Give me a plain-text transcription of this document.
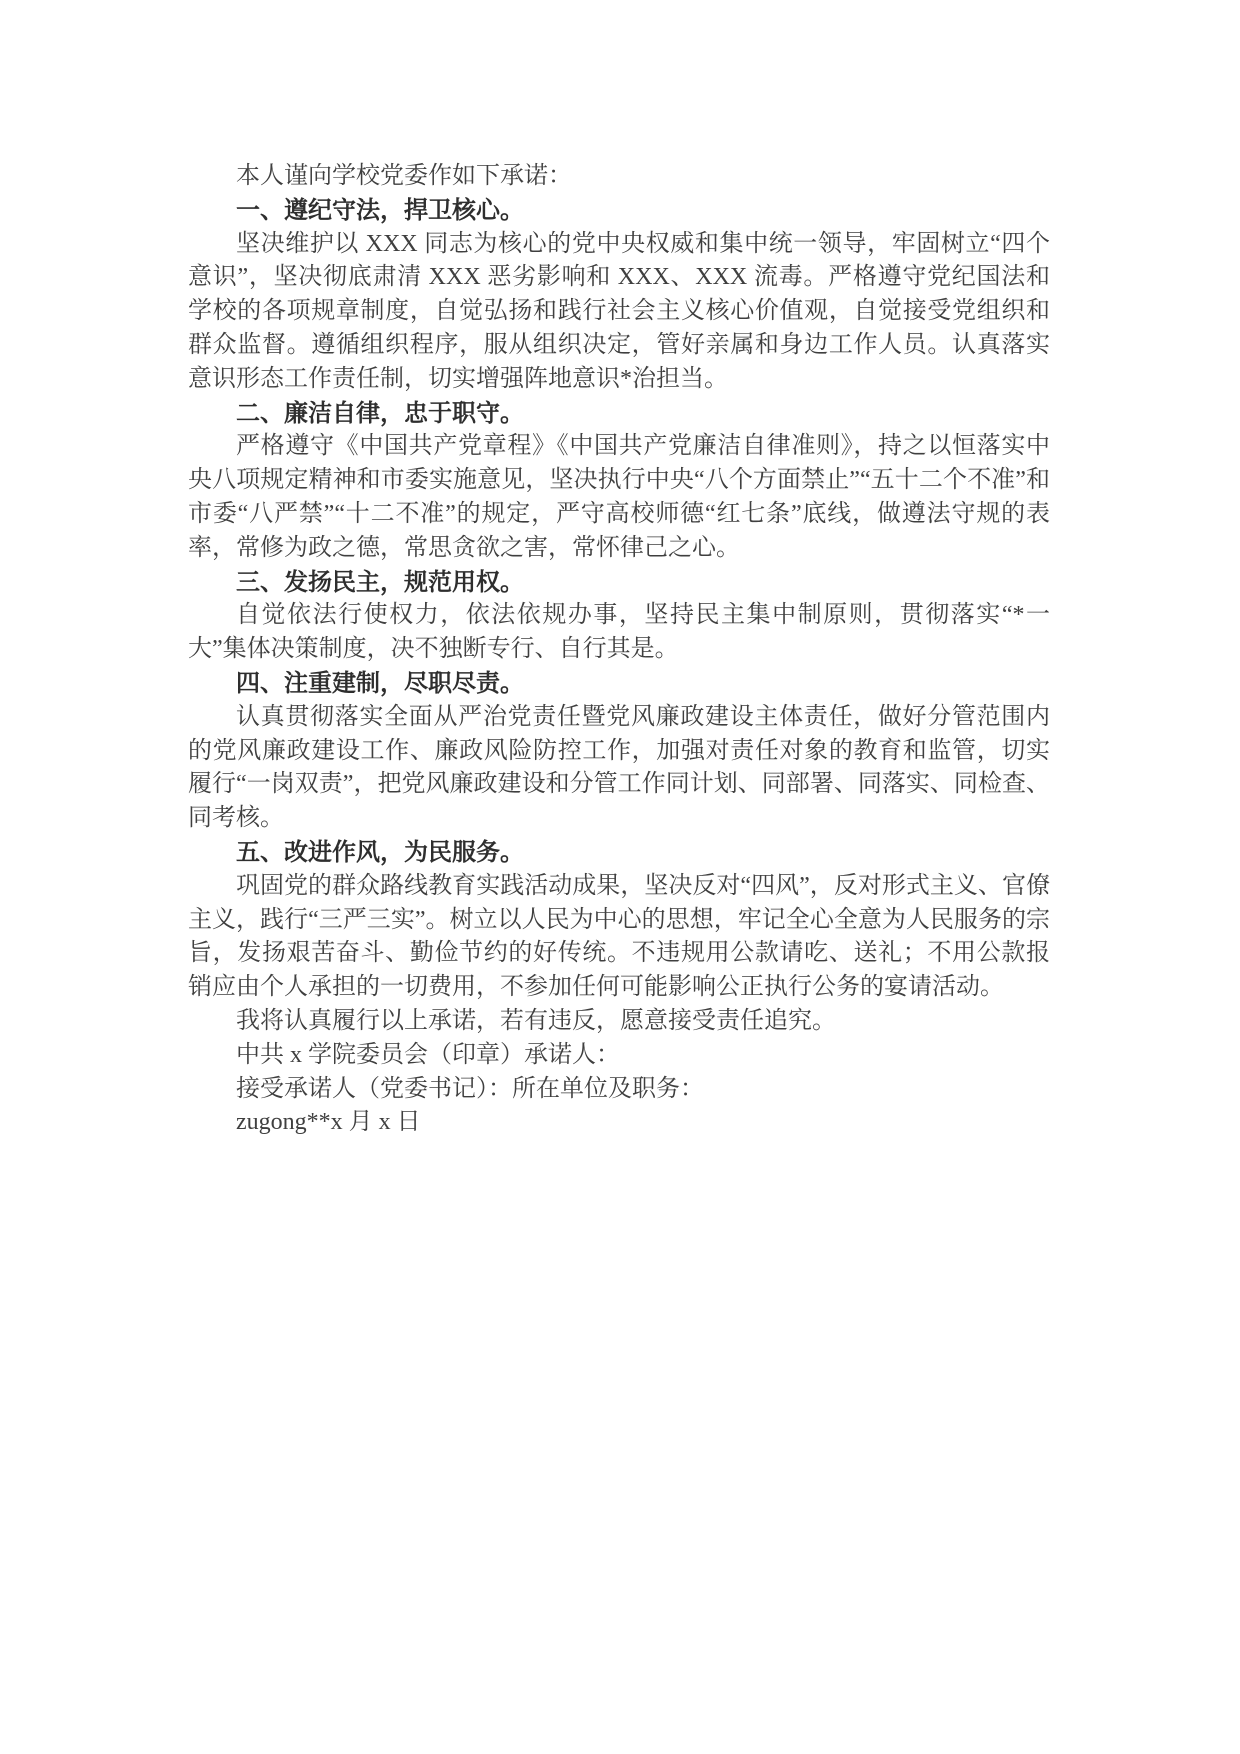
本人谨向学校党委作如下承诺：

一、遵纪守法，捍卫核心。

坚决维护以 XXX 同志为核心的党中央权威和集中统一领导，牢固树立“四个意识”，坚决彻底肃清 XXX 恶劣影响和 XXX、XXX 流毒。严格遵守党纪国法和学校的各项规章制度，自觉弘扬和践行社会主义核心价值观，自觉接受党组织和群众监督。遵循组织程序，服从组织决定，管好亲属和身边工作人员。认真落实意识形态工作责任制，切实增强阵地意识*治担当。

二、廉洁自律，忠于职守。

严格遵守《中国共产党章程》《中国共产党廉洁自律准则》，持之以恒落实中央八项规定精神和市委实施意见，坚决执行中央“八个方面禁止”“五十二个不准”和市委“八严禁”“十二不准”的规定，严守高校师德“红七条”底线，做遵法守规的表率，常修为政之德，常思贪欲之害，常怀律己之心。

三、发扬民主，规范用权。

自觉依法行使权力，依法依规办事，坚持民主集中制原则，贯彻落实“*一大”集体决策制度，决不独断专行、自行其是。

四、注重建制，尽职尽责。

认真贯彻落实全面从严治党责任暨党风廉政建设主体责任，做好分管范围内的党风廉政建设工作、廉政风险防控工作，加强对责任对象的教育和监管，切实履行“一岗双责”，把党风廉政建设和分管工作同计划、同部署、同落实、同检查、同考核。

五、改进作风，为民服务。

巩固党的群众路线教育实践活动成果，坚决反对“四风”，反对形式主义、官僚主义，践行“三严三实”。树立以人民为中心的思想，牢记全心全意为人民服务的宗旨，发扬艰苦奋斗、勤俭节约的好传统。不违规用公款请吃、送礼；不用公款报销应由个人承担的一切费用，不参加任何可能影响公正执行公务的宴请活动。

我将认真履行以上承诺，若有违反，愿意接受责任追究。

中共 x 学院委员会（印章）承诺人：

接受承诺人（党委书记）：所在单位及职务：

zugong**x 月 x 日
